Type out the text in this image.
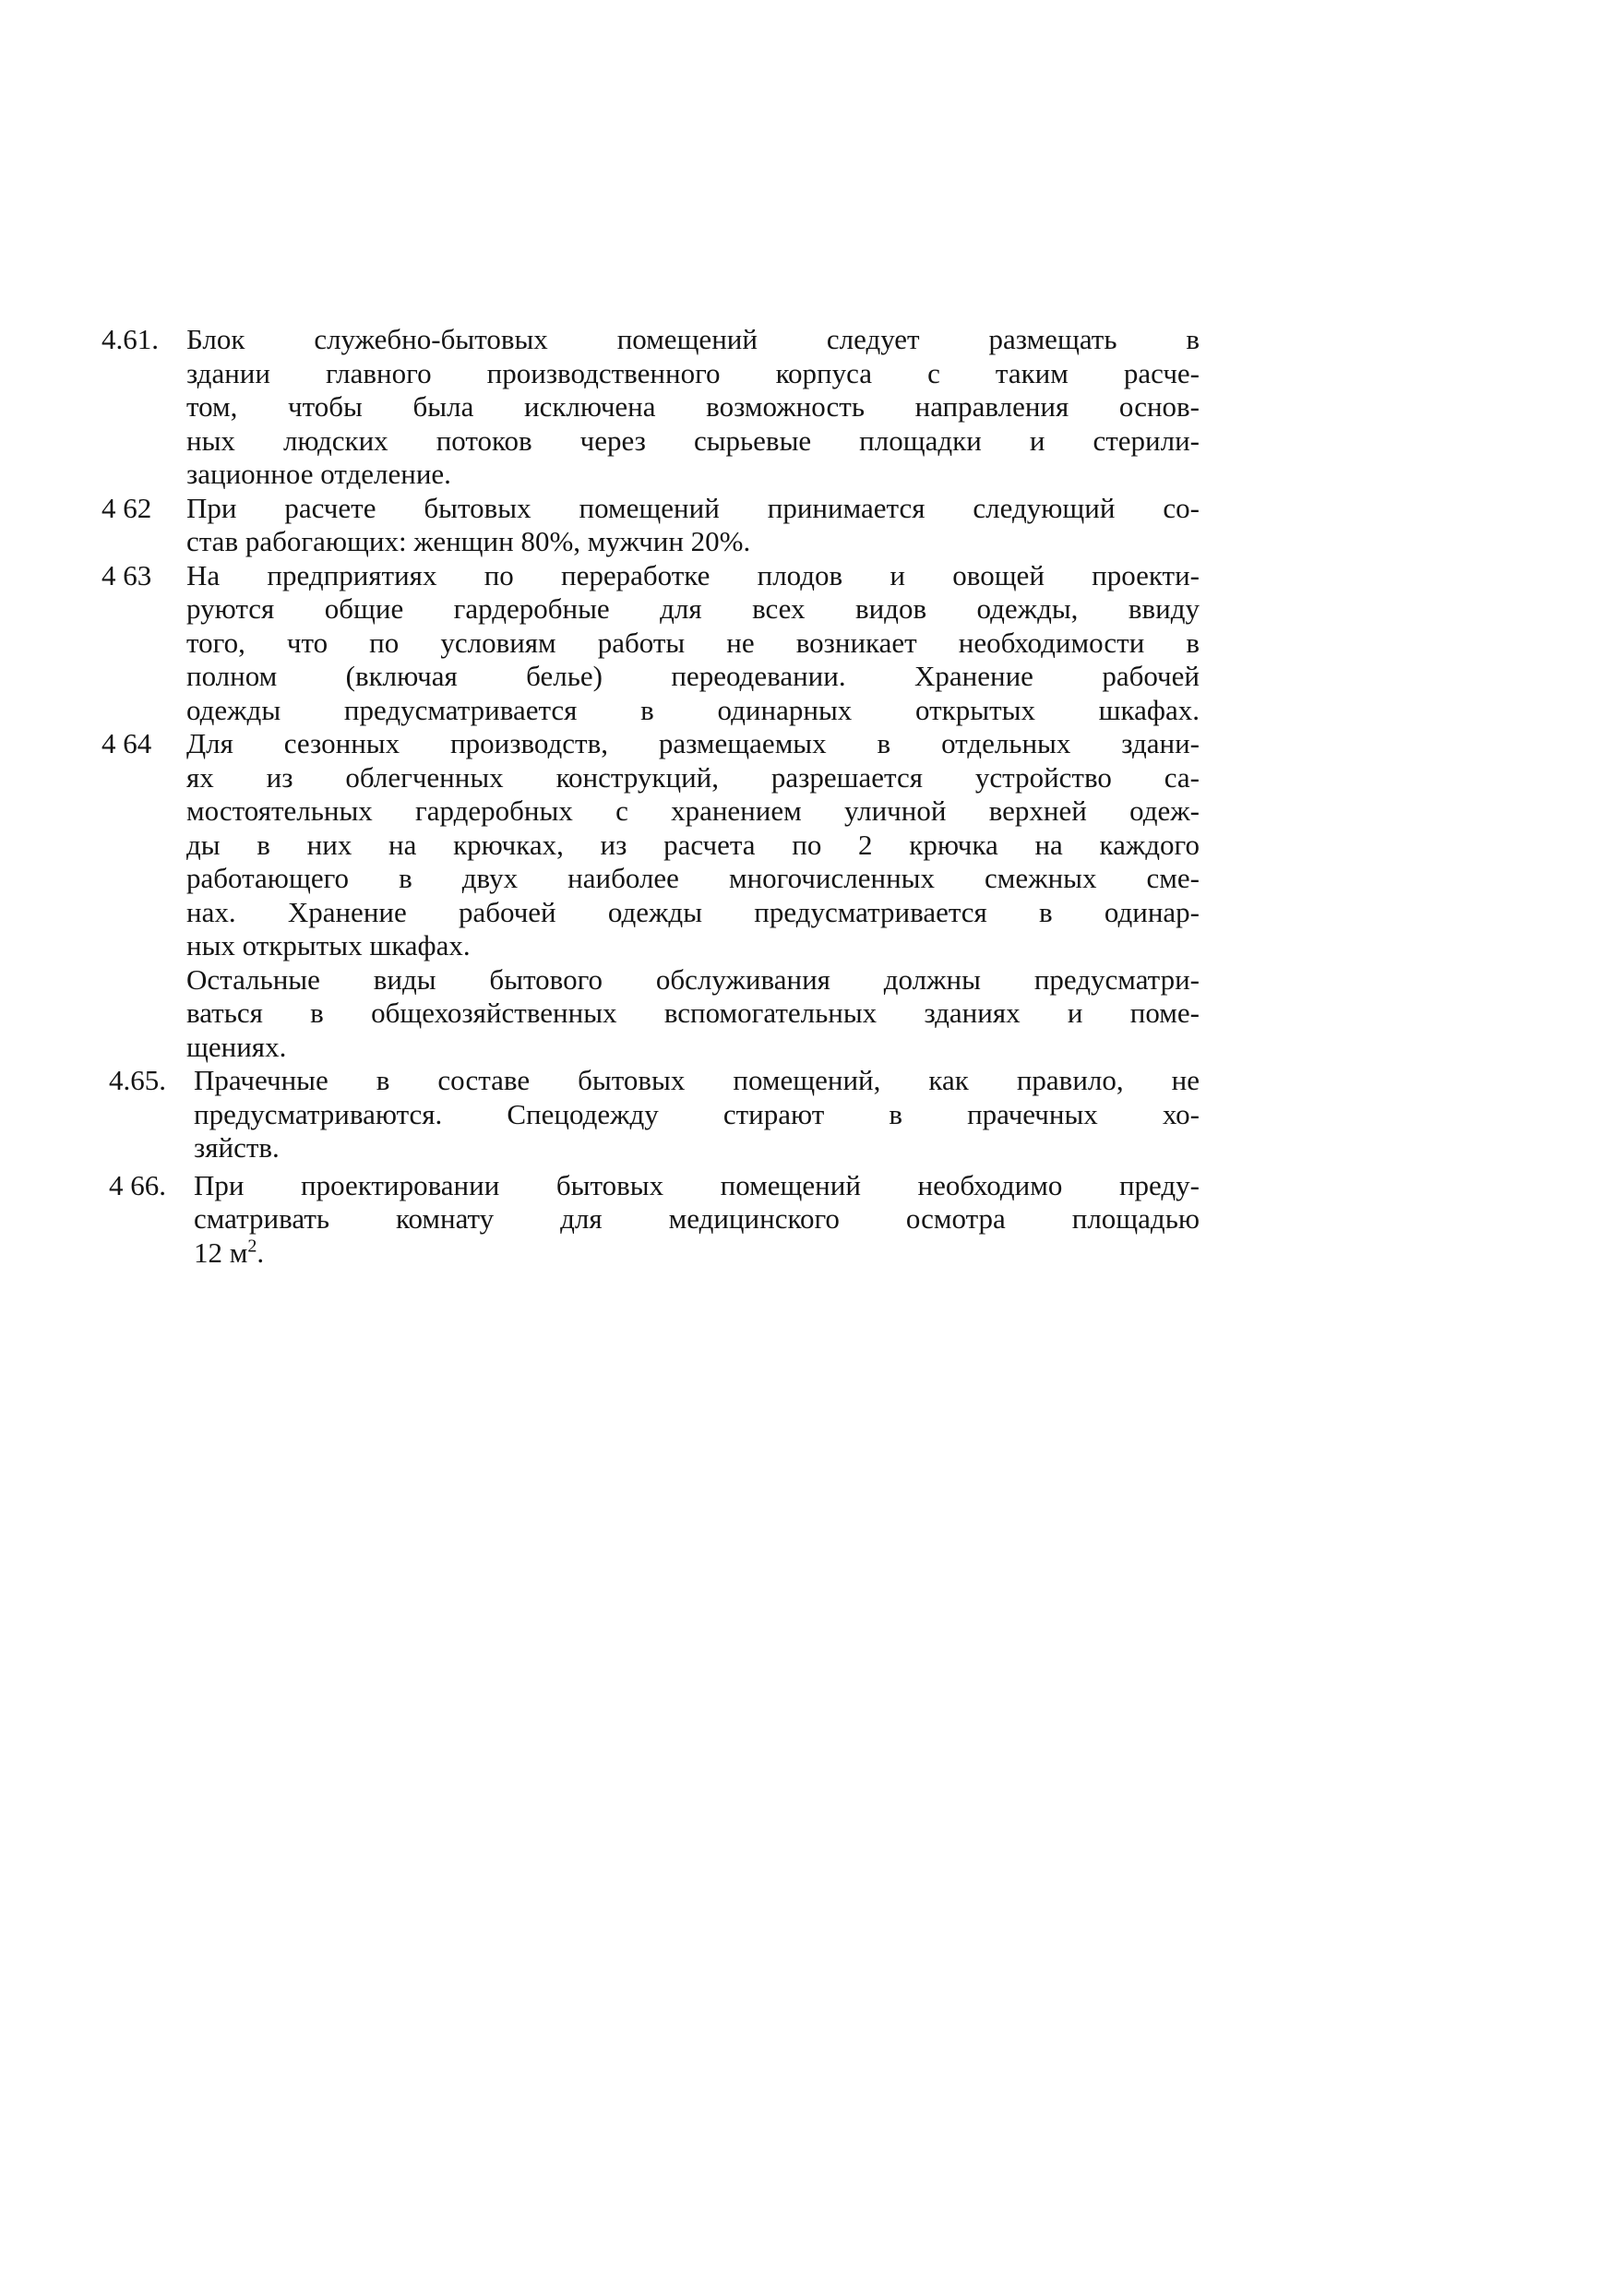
4.61. Блок служебно-бытовых помещений следует размещать в
здании главного производственного корпуса с таким расче-
том, чтобы была исключена возможность направления основ-
ных людских потоков через сырьевые площадки и стерили-
зационное отделение.
4 62	При расчете бытовых помещений принимается следующий со-
став рабогающих: женщин 80%, мужчин 20%.
4 63	На предприятиях по переработке плодов и овощей проекти-
руются общие гардеробные для всех видов одежды, ввиду
того, что по условиям работы не возникает необходимости в
полном (включая белье) переодевании. Хранение рабочей
одежды предусматривается в одинарных открытых шкафах.
4 64	Для сезонных производств, размещаемых в отдельных здани-
ях из облегченных конструкций, разрешается устройство са-
мостоятельных гардеробных с хранением уличной верхней одеж-
ды в них на крючках, из расчета по 2 крючка на каждого
работающего в двух наиболее многочисленных смежных сме-
нах. Хранение рабочей одежды предусматривается в одинар-
ных открытых шкафах.
Остальные виды бытового обслуживания должны предусматри-
ваться в общехозяйственных вспомогательных зданиях и поме-
щениях.
4.65. Прачечные в составе бытовых помещений, как правило, не
предусматриваются. Спецодежду стирают в прачечных хо-
зяйств.
4 66. При проектировании бытовых помещений необходимо преду-
сматривать комнату для медицинского осмотра площадью
12 $м^2$.
